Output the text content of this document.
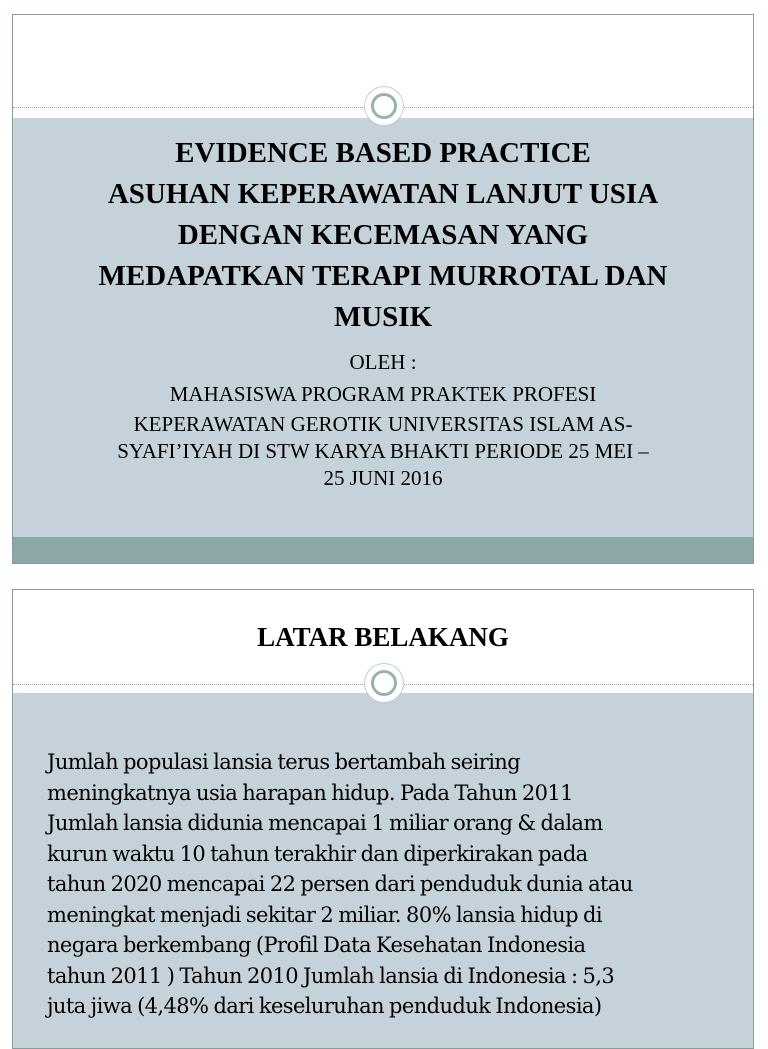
EVIDENCE BASED PRACTICE
ASUHAN KEPERAWATAN LANJUT USIA
DENGAN KECEMASAN YANG
MEDAPATKAN TERAPI MURROTAL DAN
MUSIK
OLEH :
MAHASISWA PROGRAM PRAKTEK PROFESI
KEPERAWATAN GEROTIK UNIVERSITAS ISLAM AS-
SYAFI’IYAH DI STW KARYA BHAKTI PERIODE 25 MEI –
25 JUNI 2016
LATAR BELAKANG
Jumlah populasi lansia terus bertambah seiring
meningkatnya usia harapan hidup. Pada Tahun 2011
Jumlah lansia didunia mencapai 1 miliar orang & dalam
kurun waktu 10 tahun terakhir dan diperkirakan pada
tahun 2020 mencapai 22 persen dari penduduk dunia atau
meningkat menjadi sekitar 2 miliar. 80% lansia hidup di
negara berkembang (Profil Data Kesehatan Indonesia
tahun 2011 ) Tahun 2010 Jumlah lansia di Indonesia : 5,3
juta jiwa (4,48% dari keseluruhan penduduk Indonesia)
